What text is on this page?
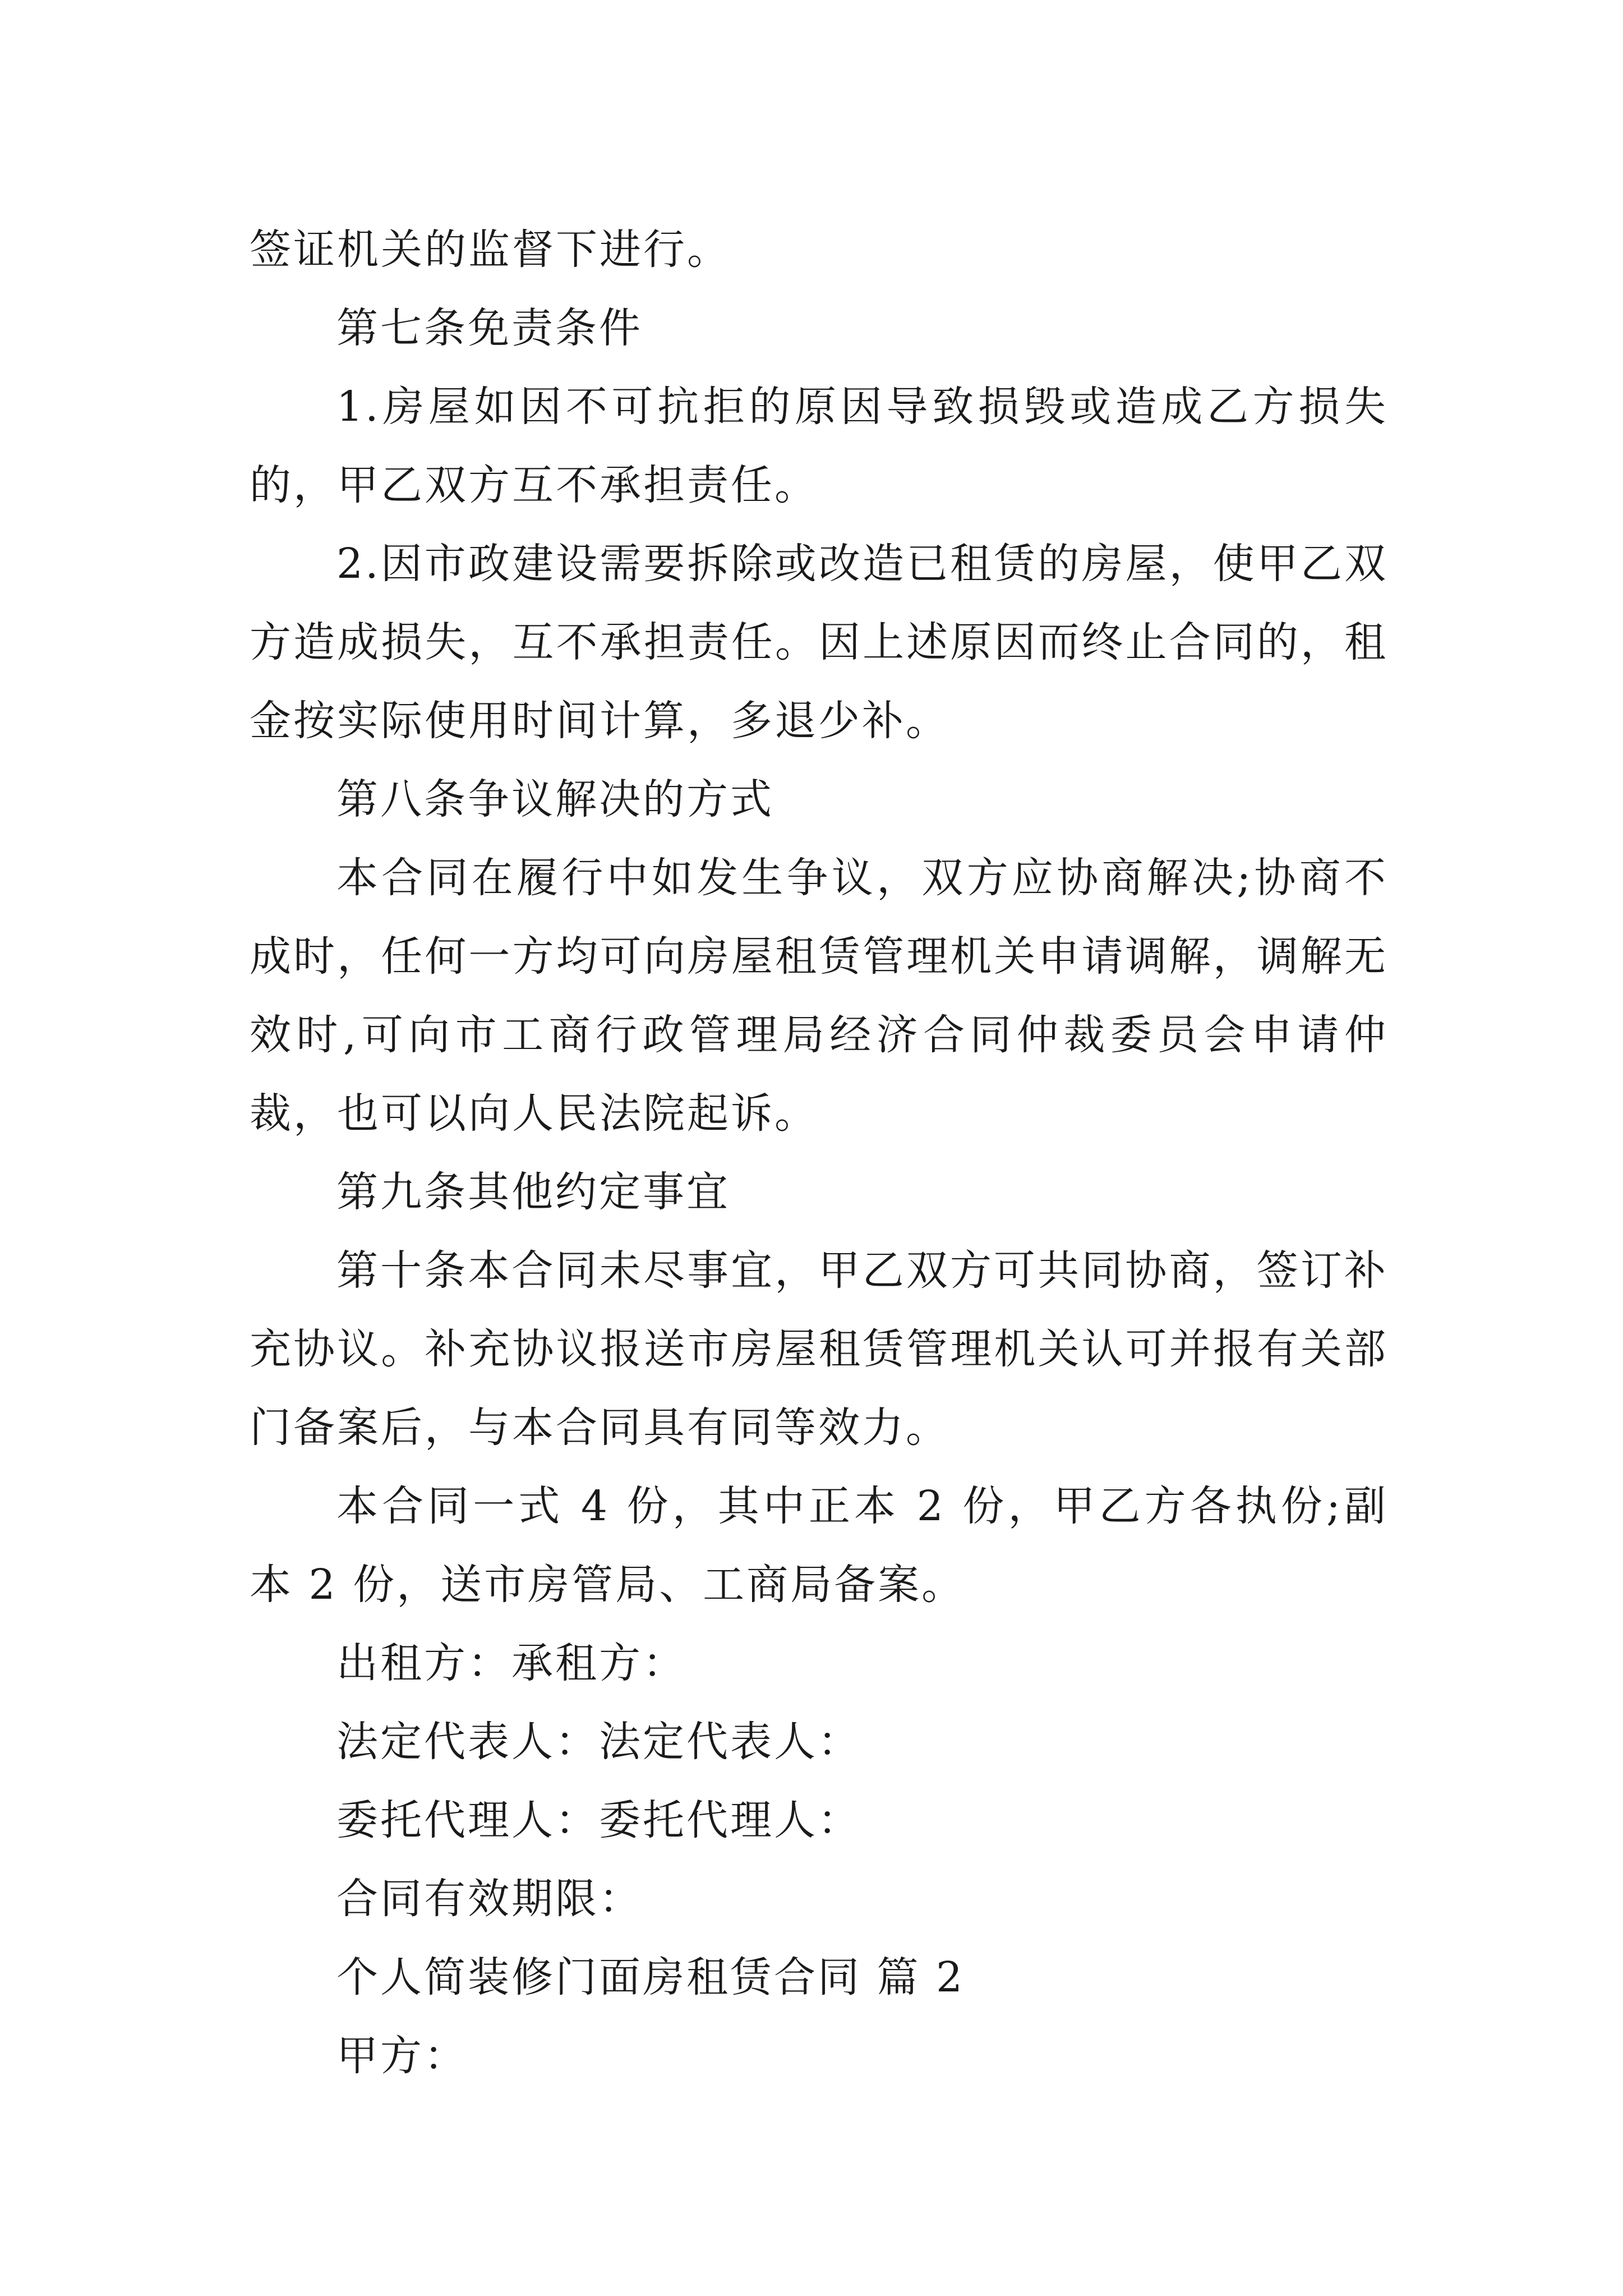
签证机关的监督下进行。

第七条免责条件

1.房屋如因不可抗拒的原因导致损毁或造成乙方损失的，甲乙双方互不承担责任。

2.因市政建设需要拆除或改造已租赁的房屋，使甲乙双方造成损失，互不承担责任。因上述原因而终止合同的，租金按实际使用时间计算，多退少补。

第八条争议解决的方式

本合同在履行中如发生争议，双方应协商解决;协商不成时，任何一方均可向房屋租赁管理机关申请调解，调解无效时,可向市工商行政管理局经济合同仲裁委员会申请仲裁，也可以向人民法院起诉。

第九条其他约定事宜

第十条本合同未尽事宜，甲乙双方可共同协商，签订补充协议。补充协议报送市房屋租赁管理机关认可并报有关部门备案后，与本合同具有同等效力。

本合同一式 4 份，其中正本 2 份，甲乙方各执份;副本 2 份，送市房管局、工商局备案。

出租方：承租方：

法定代表人：法定代表人：

委托代理人：委托代理人：

合同有效期限：

个人简装修门面房租赁合同 篇 2

甲方：
